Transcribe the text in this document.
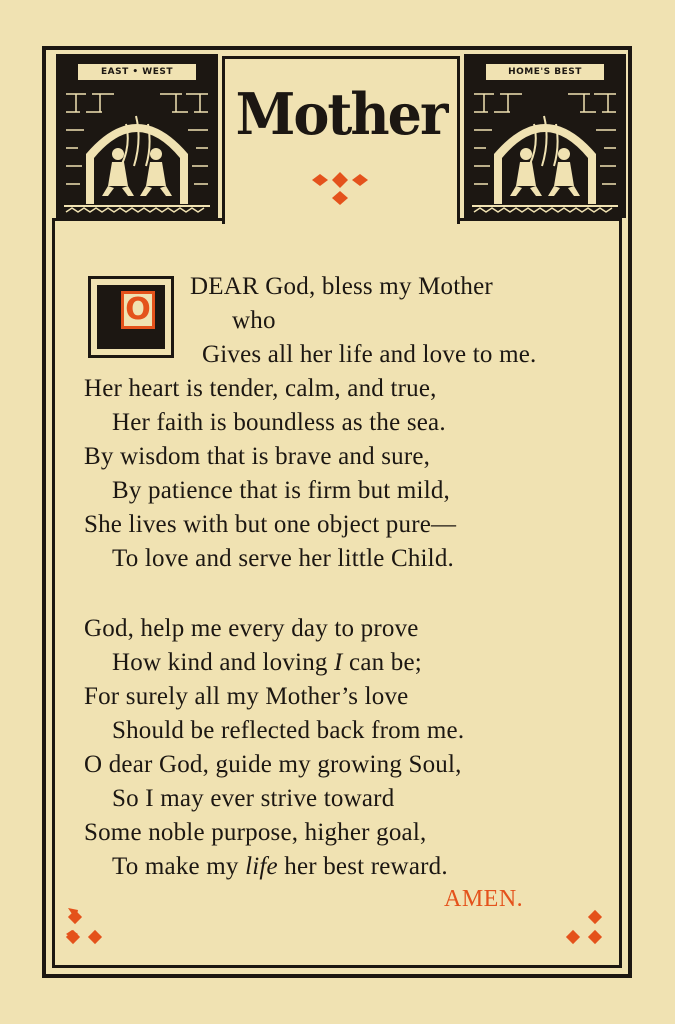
EAST • WEST	HOME'S BEST
Mother
O
DEAR God, bless my Mother
who
Gives all her life and love to me.
Her heart is tender, calm, and true,
Her faith is boundless as the sea.
By wisdom that is brave and sure,
By patience that is firm but mild,
She lives with but one object pure—
To love and serve her little Child.
God, help me every day to prove
How kind and loving I can be;
For surely all my Mother’s love
Should be reflected back from me.
O dear God, guide my growing Soul,
So I may ever strive toward
Some noble purpose, higher goal,
To make my life her best reward.
AMEN.
